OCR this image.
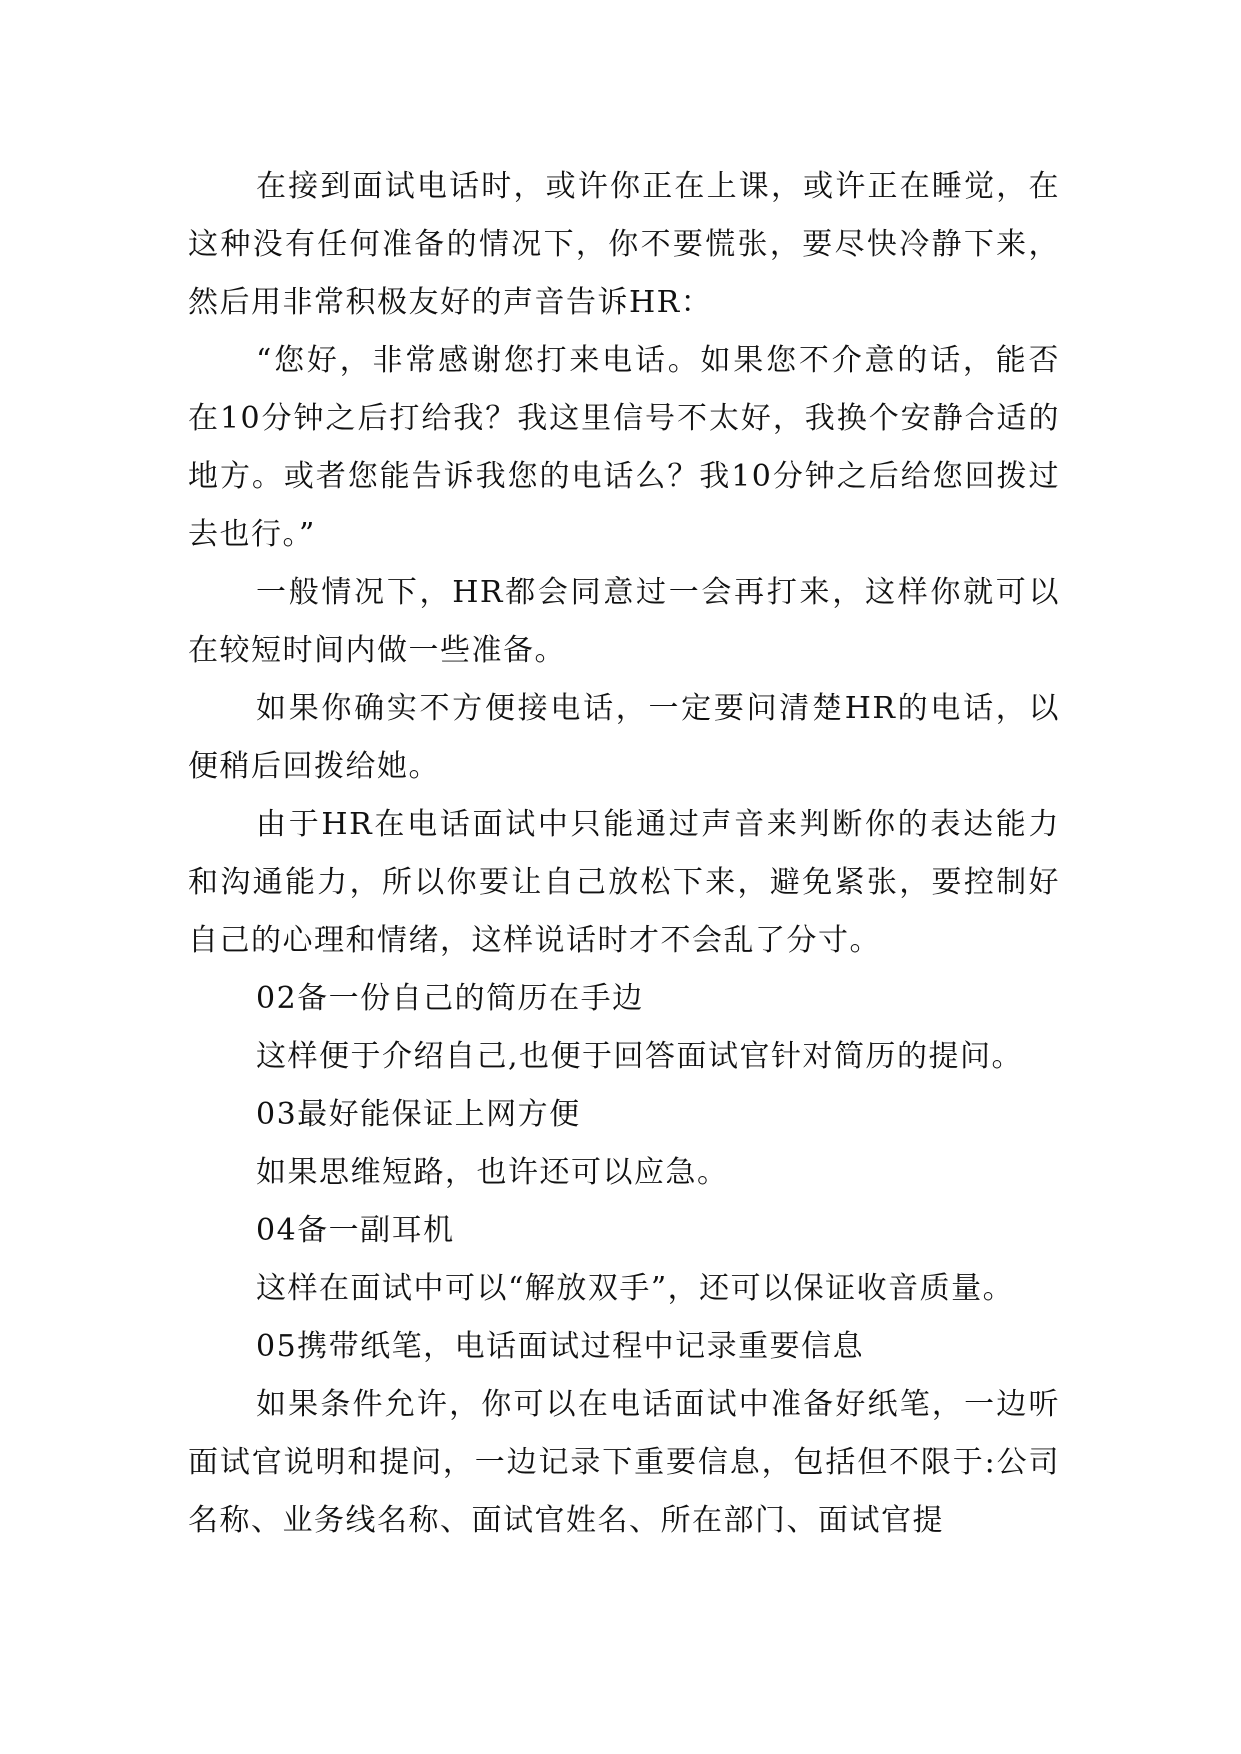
在接到面试电话时，或许你正在上课，或许正在睡觉，在这种没有任何准备的情况下，你不要慌张，要尽快冷静下来，然后用非常积极友好的声音告诉HR：

“您好，非常感谢您打来电话。如果您不介意的话，能否在10分钟之后打给我？我这里信号不太好，我换个安静合适的地方。或者您能告诉我您的电话么？我10分钟之后给您回拨过去也行。”

一般情况下，HR都会同意过一会再打来，这样你就可以在较短时间内做一些准备。

如果你确实不方便接电话，一定要问清楚HR的电话，以便稍后回拨给她。

由于HR在电话面试中只能通过声音来判断你的表达能力和沟通能力，所以你要让自己放松下来，避免紧张，要控制好自己的心理和情绪，这样说话时才不会乱了分寸。

02备一份自己的简历在手边

这样便于介绍自己,也便于回答面试官针对简历的提问。

03最好能保证上网方便

如果思维短路，也许还可以应急。

04备一副耳机

这样在面试中可以“解放双手”，还可以保证收音质量。

05携带纸笔，电话面试过程中记录重要信息

如果条件允许，你可以在电话面试中准备好纸笔，一边听面试官说明和提问，一边记录下重要信息，包括但不限于:公司名称、业务线名称、面试官姓名、所在部门、面试官提
